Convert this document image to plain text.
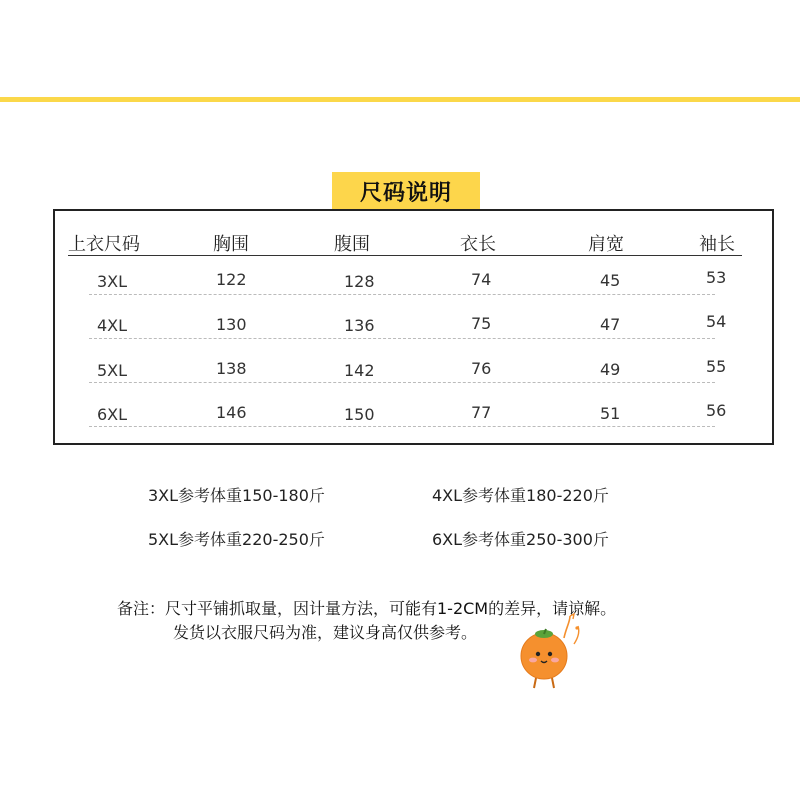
尺码说明
上衣尺码	胸围	腹围	衣长	肩宽	袖长
3XL	122	128	74	45	53
4XL	130	136	75	47	54
5XL	138	142	76	49	55
6XL	146	150	77	51	56
3XL参考体重150-180斤	4XL参考体重180-220斤
5XL参考体重220-250斤	6XL参考体重250-300斤
备注：尺寸平铺抓取量，因计量方法，可能有1-2CM的差异，请谅解。
发货以衣服尺码为准，建议身高仅供参考。
